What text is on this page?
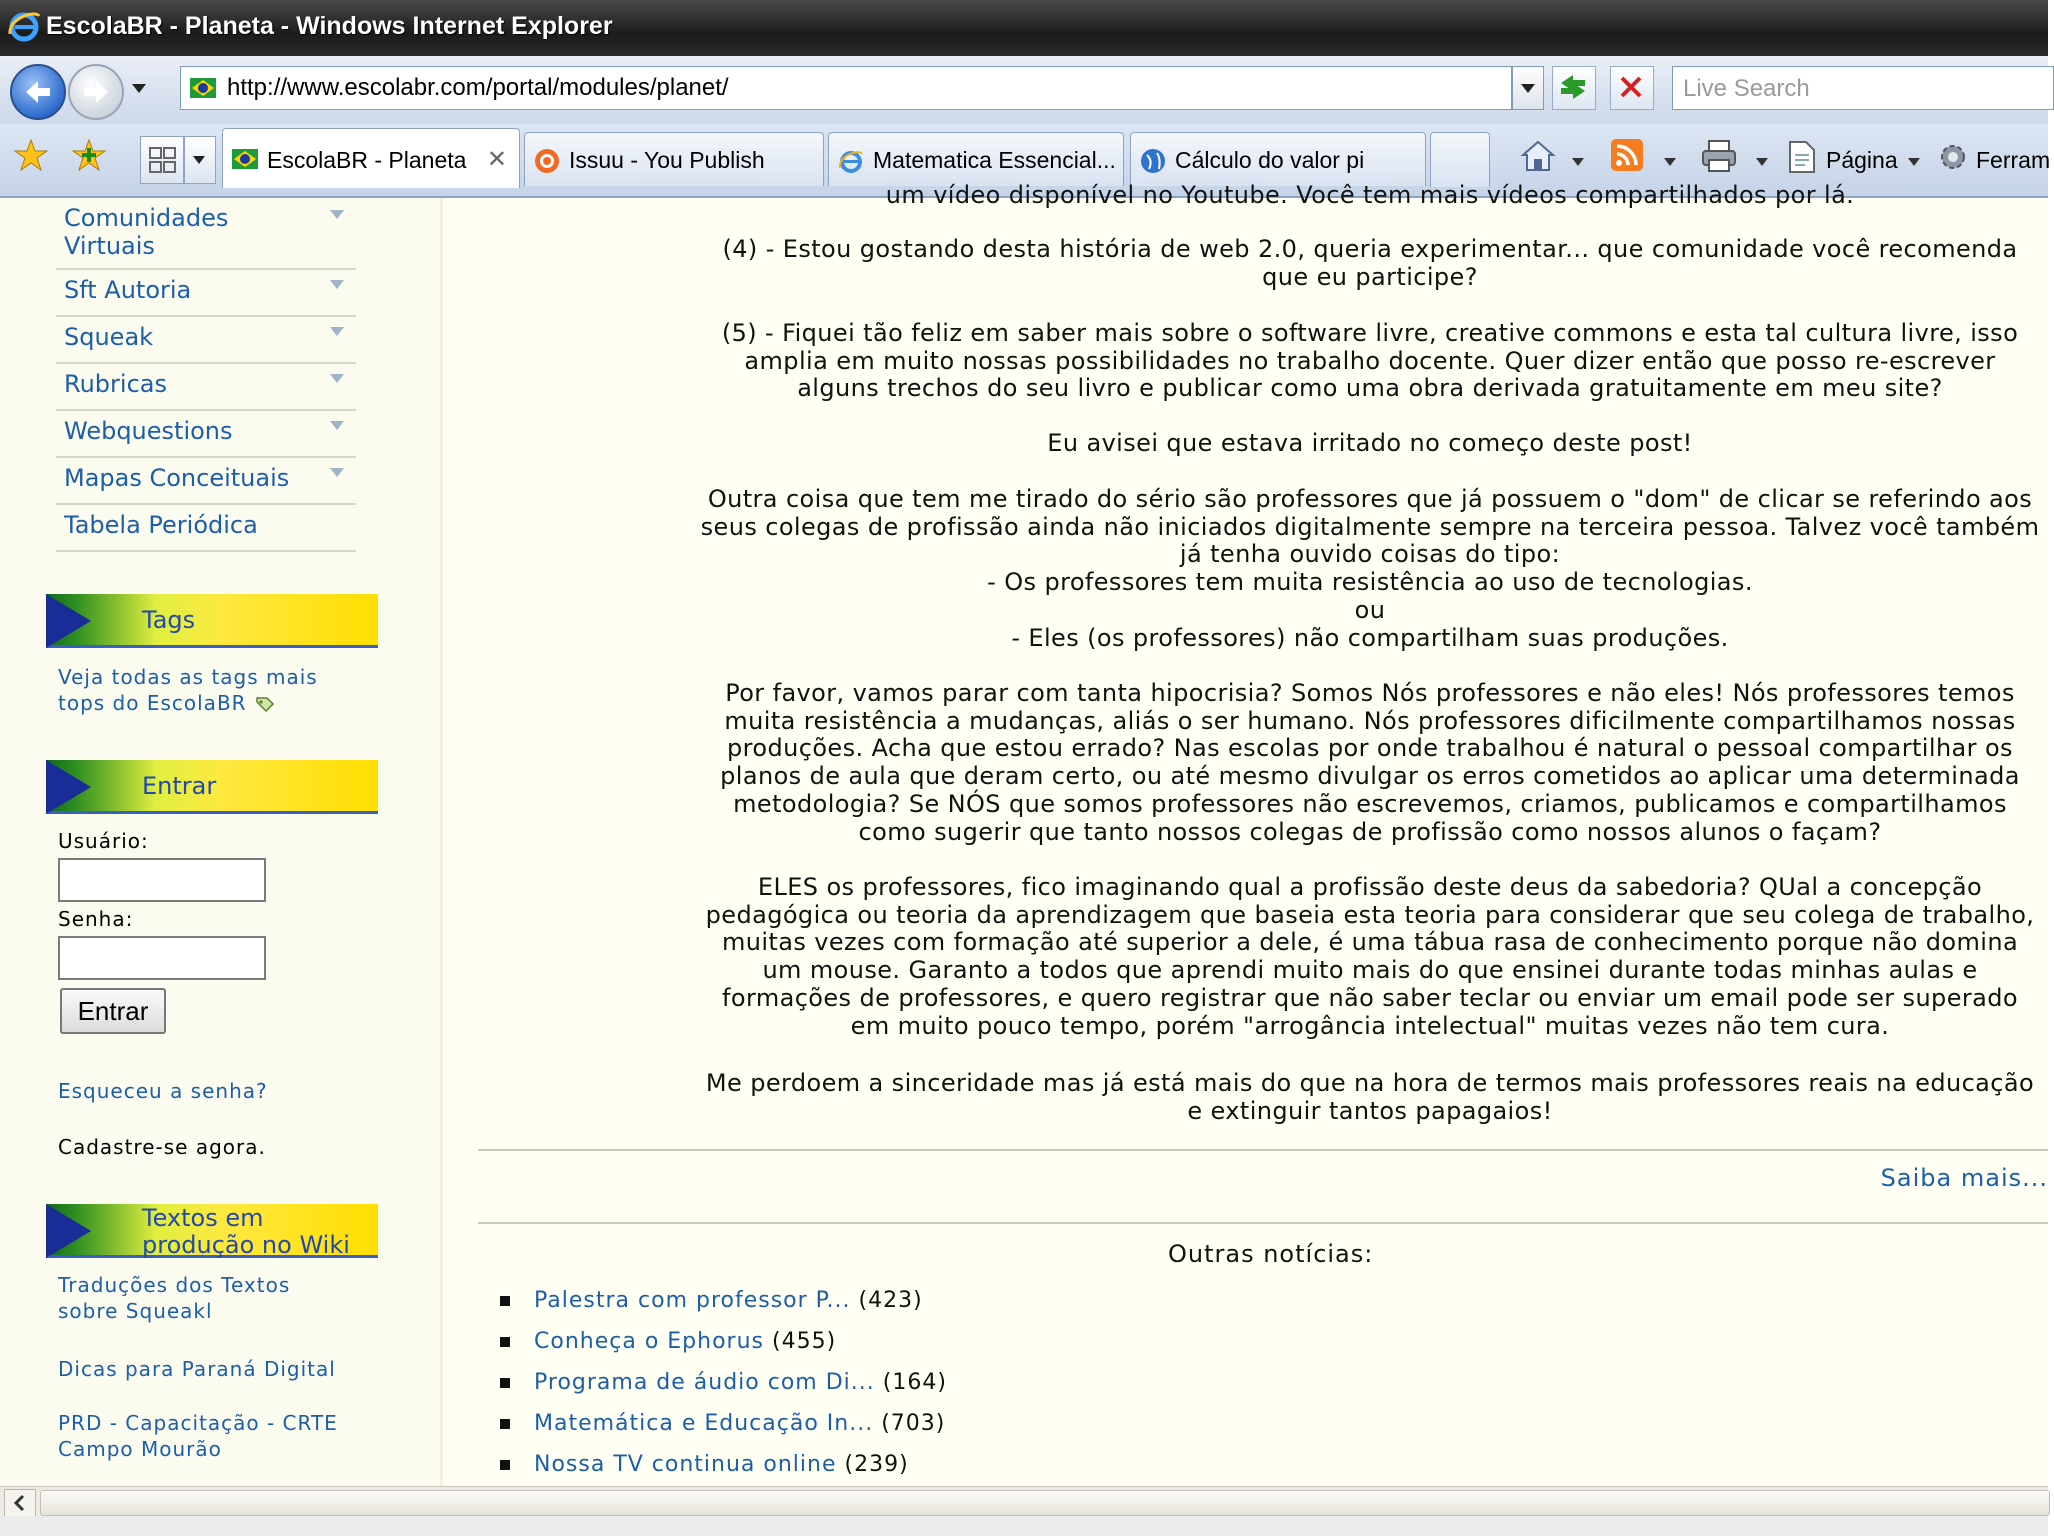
EscolaBR - Planeta - Windows Internet Explorer
http://www.escolabr.com/portal/modules/planet/
Live Search
EscolaBR - Planeta ✕	Issuu - You Publish	Matematica Essencial...	Cálculo do valor pi	Página	Ferram
Comunidades
Virtuais
Sft Autoria
Squeak
Rubricas
Webquestions
Mapas Conceituais
Tabela Periódica
Tags
Veja todas as tags mais
tops do EscolaBR
Entrar
Usuário:
Senha:
Entrar
Esqueceu a senha?
Cadastre-se agora.
Textos em
produção no Wiki
Traduções dos Textos
sobre Squeakl
Dicas para Paraná Digital
PRD - Capacitação - CRTE
Campo Mourão
um vídeo disponível no Youtube. Você tem mais vídeos compartilhados por lá.
(4) - Estou gostando desta história de web 2.0, queria experimentar... que comunidade você recomenda que eu participe?
(5) - Fiquei tão feliz em saber mais sobre o software livre, creative commons e esta tal cultura livre, isso amplia em muito nossas possibilidades no trabalho docente. Quer dizer então que posso re-escrever alguns trechos do seu livro e publicar como uma obra derivada gratuitamente em meu site?
Eu avisei que estava irritado no começo deste post!
Outra coisa que tem me tirado do sério são professores que já possuem o "dom" de clicar se referindo aos seus colegas de profissão ainda não iniciados digitalmente sempre na terceira pessoa. Talvez você também já tenha ouvido coisas do tipo:
- Os professores tem muita resistência ao uso de tecnologias.
ou
- Eles (os professores) não compartilham suas produções.
Por favor, vamos parar com tanta hipocrisia? Somos Nós professores e não eles! Nós professores temos muita resistência a mudanças, aliás o ser humano. Nós professores dificilmente compartilhamos nossas produções. Acha que estou errado? Nas escolas por onde trabalhou é natural o pessoal compartilhar os planos de aula que deram certo, ou até mesmo divulgar os erros cometidos ao aplicar uma determinada metodologia? Se NÓS que somos professores não escrevemos, criamos, publicamos e compartilhamos como sugerir que tanto nossos colegas de profissão como nossos alunos o façam?
ELES os professores, fico imaginando qual a profissão deste deus da sabedoria? QUal a concepção pedagógica ou teoria da aprendizagem que baseia esta teoria para considerar que seu colega de trabalho, muitas vezes com formação até superior a dele, é uma tábua rasa de conhecimento porque não domina um mouse. Garanto a todos que aprendi muito mais do que ensinei durante todas minhas aulas e formações de professores, e quero registrar que não saber teclar ou enviar um email pode ser superado em muito pouco tempo, porém "arrogância intelectual" muitas vezes não tem cura.
Me perdoem a sinceridade mas já está mais do que na hora de termos mais professores reais na educação e extinguir tantos papagaios!
Saiba mais...
Outras notícias:
Palestra com professor P... (423)
Conheça o Ephorus (455)
Programa de áudio com Di... (164)
Matemática e Educação In... (703)
Nossa TV continua online (239)
